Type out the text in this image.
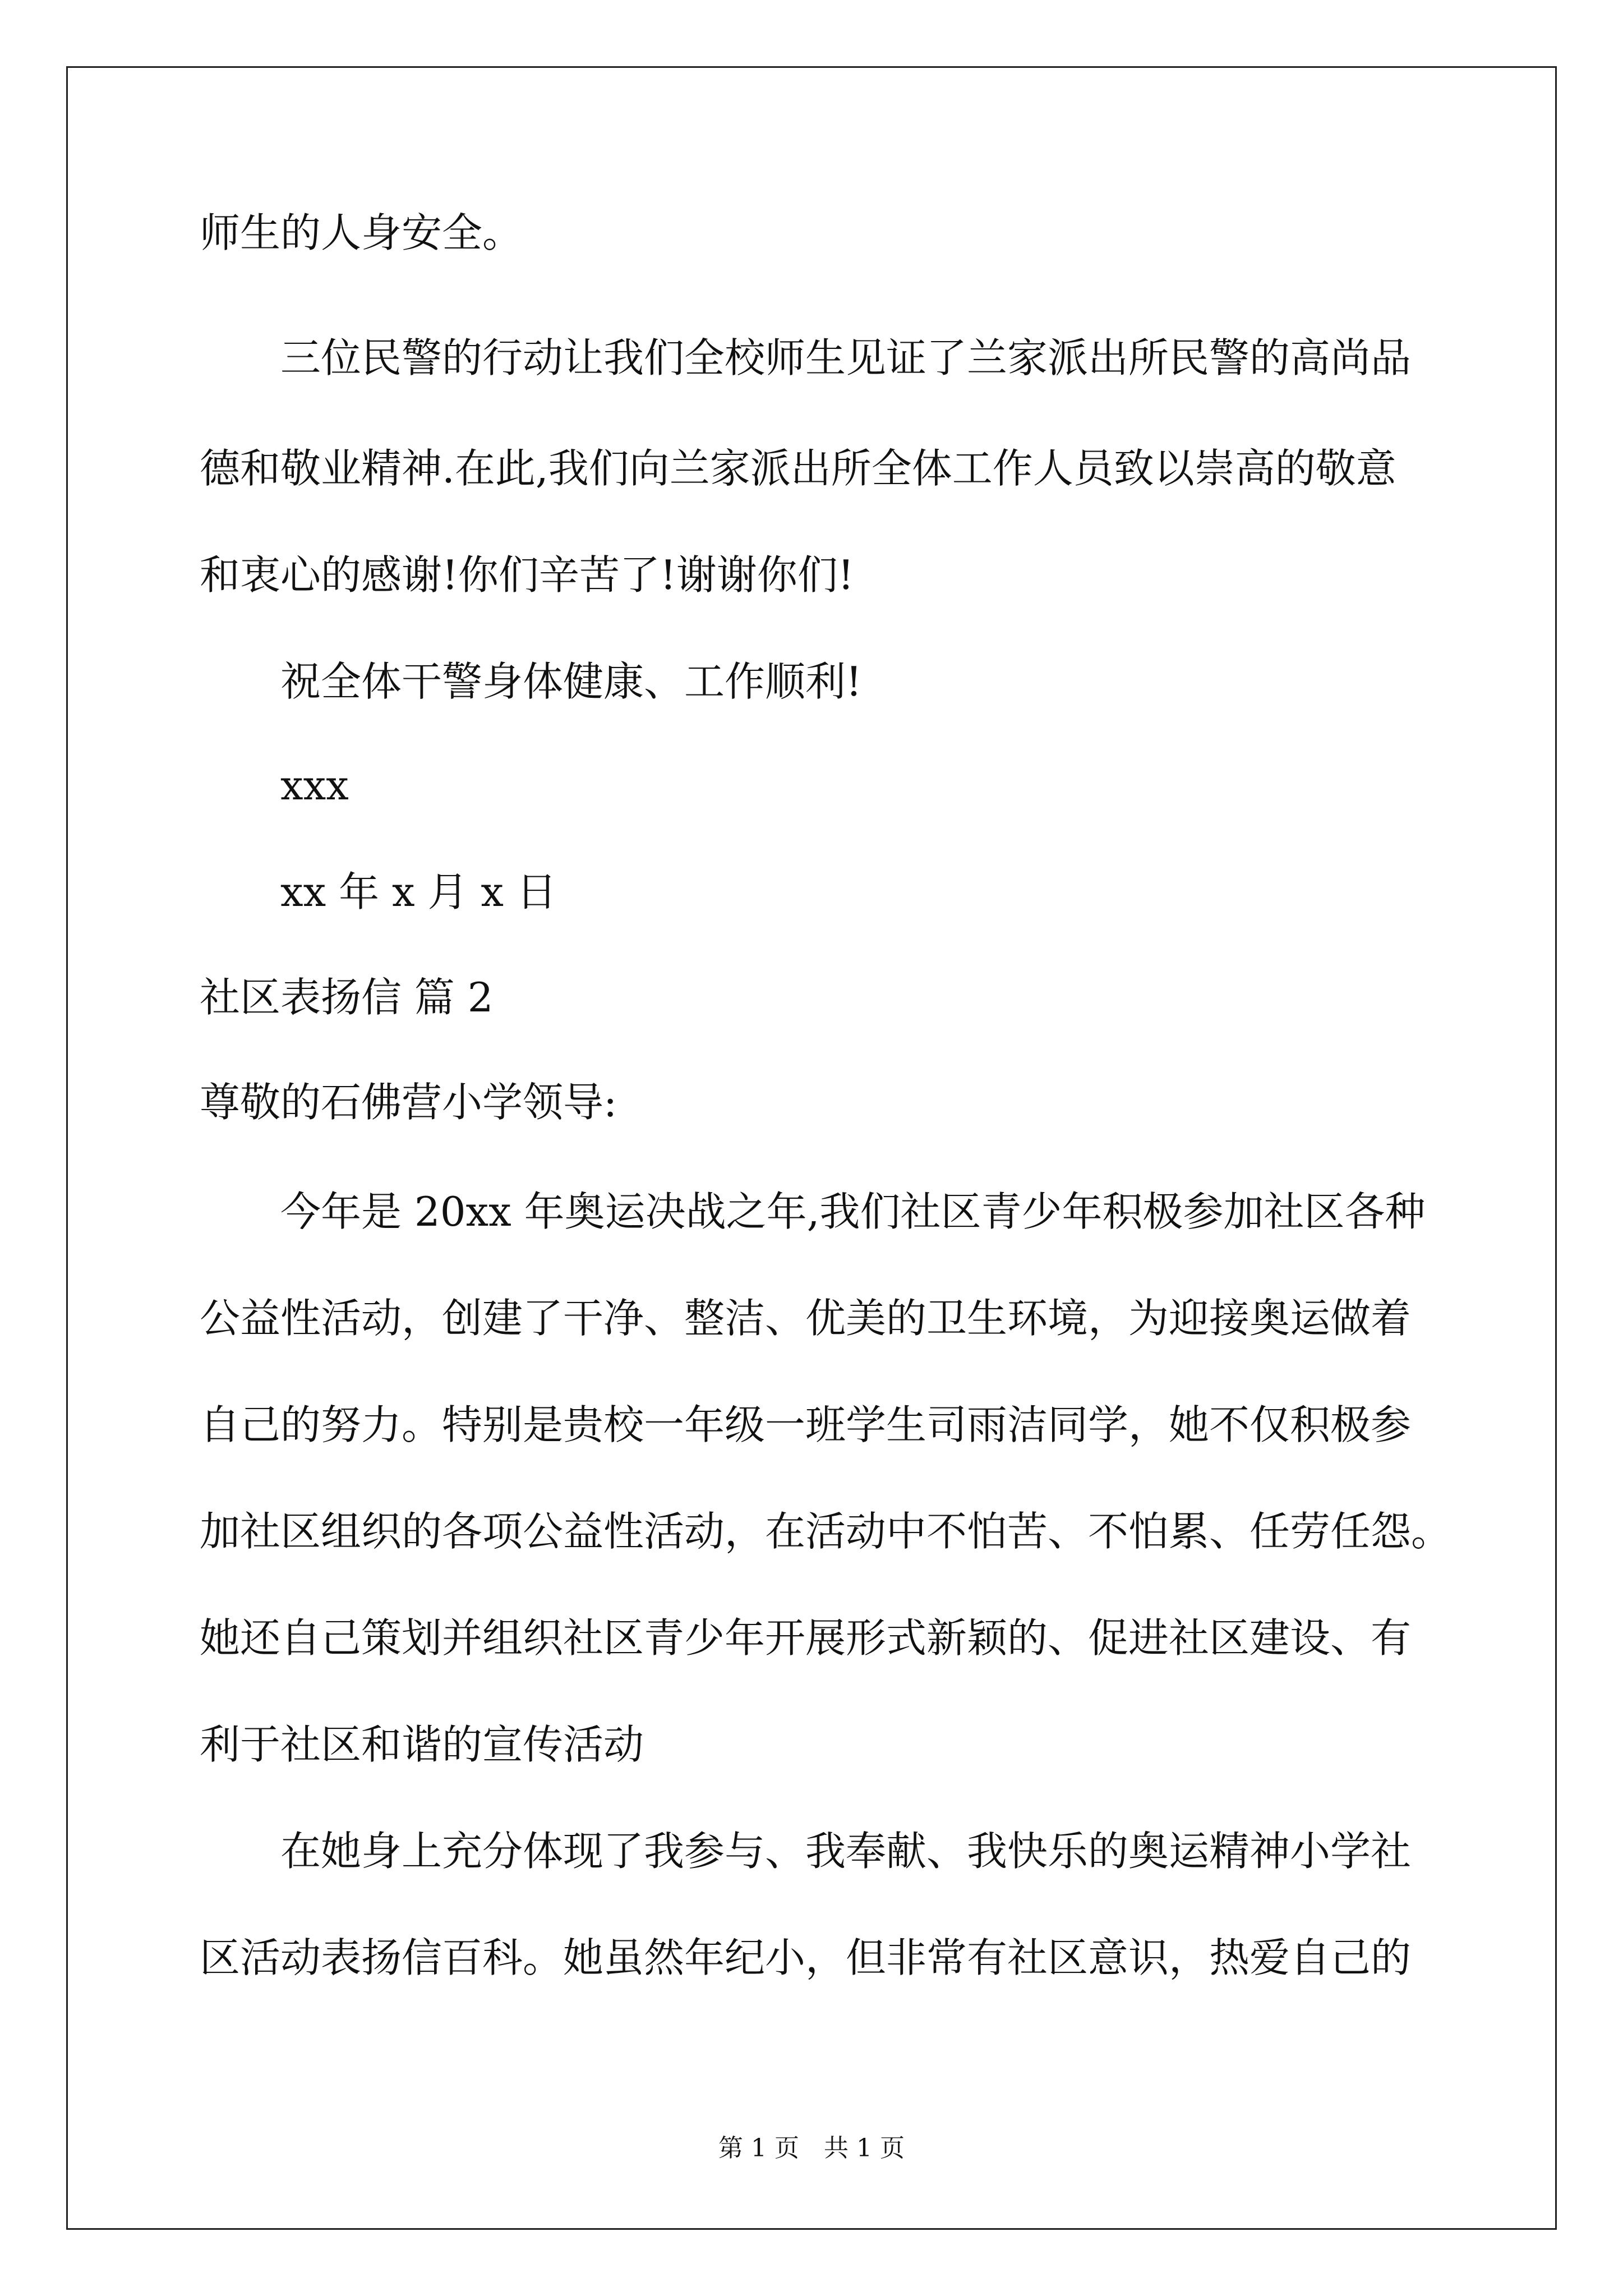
师生的人身安全。
三位民警的行动让我们全校师生见证了兰家派出所民警的高尚品
德和敬业精神.在此,我们向兰家派出所全体工作人员致以崇高的敬意
和衷心的感谢!你们辛苦了!谢谢你们!
祝全体干警身体健康、工作顺利!
xxx
xx 年 x 月 x 日
社区表扬信 篇 2
尊敬的石佛营小学领导:
今年是 20xx 年奥运决战之年,我们社区青少年积极参加社区各种
公益性活动，创建了干净、整洁、优美的卫生环境，为迎接奥运做着
自己的努力。特别是贵校一年级一班学生司雨洁同学，她不仅积极参
加社区组织的各项公益性活动，在活动中不怕苦、不怕累、任劳任怨。
她还自己策划并组织社区青少年开展形式新颖的、促进社区建设、有
利于社区和谐的宣传活动
在她身上充分体现了我参与、我奉献、我快乐的奥运精神小学社
区活动表扬信百科。她虽然年纪小，但非常有社区意识，热爱自己的
第 1 页　共 1 页
